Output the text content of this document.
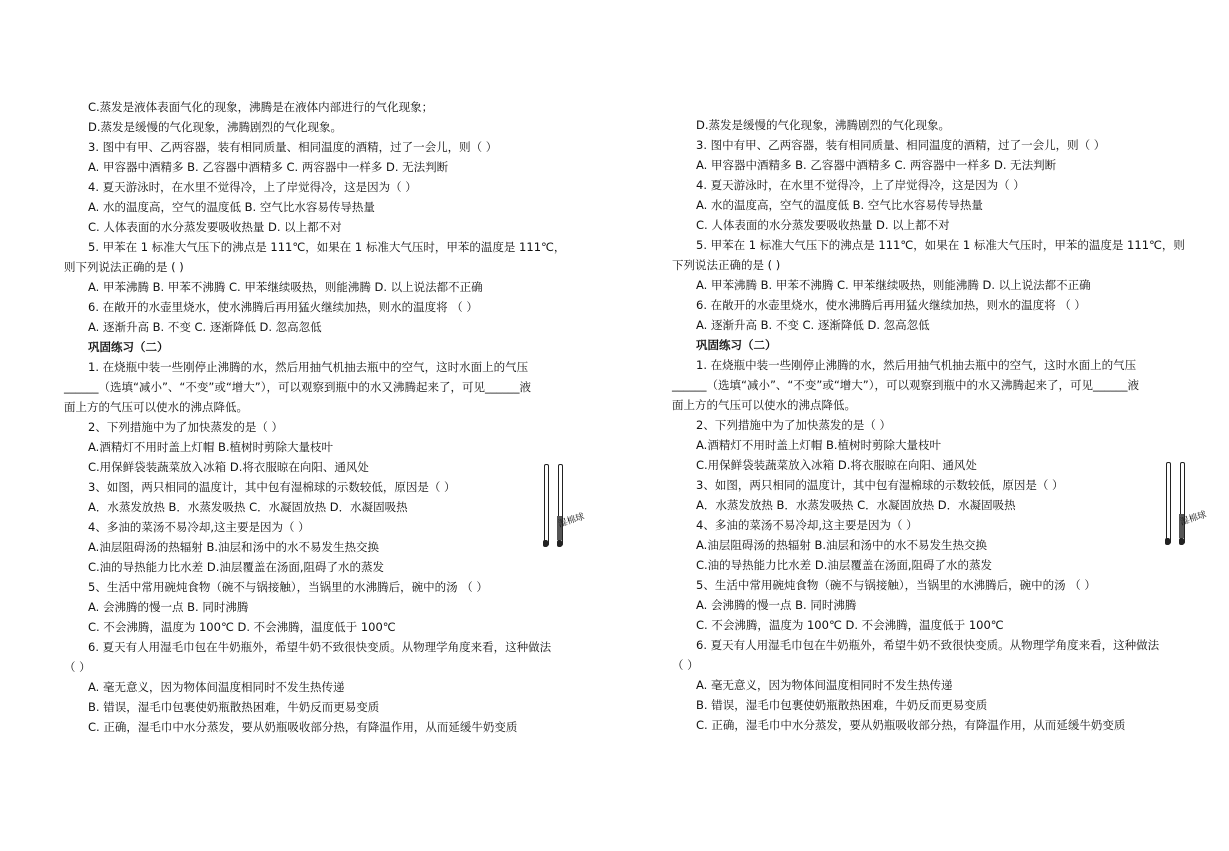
C.蒸发是液体表面气化的现象，沸腾是在液体内部进行的气化现象；
D.蒸发是缓慢的气化现象，沸腾剧烈的气化现象。
3. 图中有甲、乙两容器，装有相同质量、相同温度的酒精，过了一会儿，则（ ）
A. 甲容器中酒精多 B. 乙容器中酒精多 C. 两容器中一样多 D. 无法判断
4. 夏天游泳时，在水里不觉得冷，上了岸觉得冷，这是因为（ ）
A. 水的温度高，空气的温度低 B. 空气比水容易传导热量
C. 人体表面的水分蒸发要吸收热量 D. 以上都不对
5. 甲苯在 1 标准大气压下的沸点是 111℃，如果在 1 标准大气压时，甲苯的温度是 111℃，
则下列说法正确的是 ( )
A. 甲苯沸腾 B. 甲苯不沸腾 C. 甲苯继续吸热，则能沸腾 D. 以上说法都不正确
6. 在敞开的水壶里烧水，使水沸腾后再用猛火继续加热，则水的温度将 （ ）
A. 逐渐升高 B. 不变 C. 逐渐降低 D. 忽高忽低
巩固练习（二）
1. 在烧瓶中装一些刚停止沸腾的水，然后用抽气机抽去瓶中的空气，这时水面上的气压
______（选填“减小”、“不变”或“增大”），可以观察到瓶中的水又沸腾起来了，可见______液
面上方的气压可以使水的沸点降低。
2、下列措施中为了加快蒸发的是（ ）
A.酒精灯不用时盖上灯帽 B.植树时剪除大量枝叶
C.用保鲜袋装蔬菜放入冰箱 D.将衣服晾在向阳、通风处
3、如图，两只相同的温度计，其中包有湿棉球的示数较低，原因是（ ）
A．水蒸发放热 B．水蒸发吸热 C．水凝固放热 D．水凝固吸热
4、多油的菜汤不易冷却,这主要是因为（ ）
A.油层阻碍汤的热辐射 B.油层和汤中的水不易发生热交换
C.油的导热能力比水差 D.油层覆盖在汤面,阻碍了水的蒸发
5、生活中常用碗炖食物（碗不与锅接触），当锅里的水沸腾后，碗中的汤 （ ）
A. 会沸腾的慢一点 B. 同时沸腾
C. 不会沸腾，温度为 100℃ D. 不会沸腾，温度低于 100℃
6. 夏天有人用湿毛巾包在牛奶瓶外，希望牛奶不致很快变质。从物理学角度来看，这种做法
（ ）
A. 毫无意义，因为物体间温度相同时不发生热传递
B. 错误，湿毛巾包裹使奶瓶散热困难，牛奶反而更易变质
C. 正确，湿毛巾中水分蒸发，要从奶瓶吸收部分热，有降温作用，从而延缓牛奶变质
湿棉球
D.蒸发是缓慢的气化现象，沸腾剧烈的气化现象。
3. 图中有甲、乙两容器，装有相同质量、相同温度的酒精，过了一会儿，则（ ）
A. 甲容器中酒精多 B. 乙容器中酒精多 C. 两容器中一样多 D. 无法判断
4. 夏天游泳时，在水里不觉得冷，上了岸觉得冷，这是因为（ ）
A. 水的温度高，空气的温度低 B. 空气比水容易传导热量
C. 人体表面的水分蒸发要吸收热量 D. 以上都不对
5. 甲苯在 1 标准大气压下的沸点是 111℃，如果在 1 标准大气压时，甲苯的温度是 111℃，则
下列说法正确的是 ( )
A. 甲苯沸腾 B. 甲苯不沸腾 C. 甲苯继续吸热，则能沸腾 D. 以上说法都不正确
6. 在敞开的水壶里烧水，使水沸腾后再用猛火继续加热，则水的温度将 （ ）
A. 逐渐升高 B. 不变 C. 逐渐降低 D. 忽高忽低
巩固练习（二）
1. 在烧瓶中装一些刚停止沸腾的水，然后用抽气机抽去瓶中的空气，这时水面上的气压
______（选填“减小”、“不变”或“增大”），可以观察到瓶中的水又沸腾起来了，可见______液
面上方的气压可以使水的沸点降低。
2、下列措施中为了加快蒸发的是（ ）
A.酒精灯不用时盖上灯帽 B.植树时剪除大量枝叶
C.用保鲜袋装蔬菜放入冰箱 D.将衣服晾在向阳、通风处
3、如图，两只相同的温度计，其中包有湿棉球的示数较低，原因是（ ）
A．水蒸发放热 B．水蒸发吸热 C．水凝固放热 D．水凝固吸热
4、多油的菜汤不易冷却,这主要是因为（ ）
A.油层阻碍汤的热辐射 B.油层和汤中的水不易发生热交换
C.油的导热能力比水差 D.油层覆盖在汤面,阻碍了水的蒸发
5、生活中常用碗炖食物（碗不与锅接触），当锅里的水沸腾后，碗中的汤 （ ）
A. 会沸腾的慢一点 B. 同时沸腾
C. 不会沸腾，温度为 100℃ D. 不会沸腾，温度低于 100℃
6. 夏天有人用湿毛巾包在牛奶瓶外，希望牛奶不致很快变质。从物理学角度来看，这种做法
（ ）
A. 毫无意义，因为物体间温度相同时不发生热传递
B. 错误，湿毛巾包裹使奶瓶散热困难，牛奶反而更易变质
C. 正确，湿毛巾中水分蒸发，要从奶瓶吸收部分热，有降温作用，从而延缓牛奶变质
湿棉球
